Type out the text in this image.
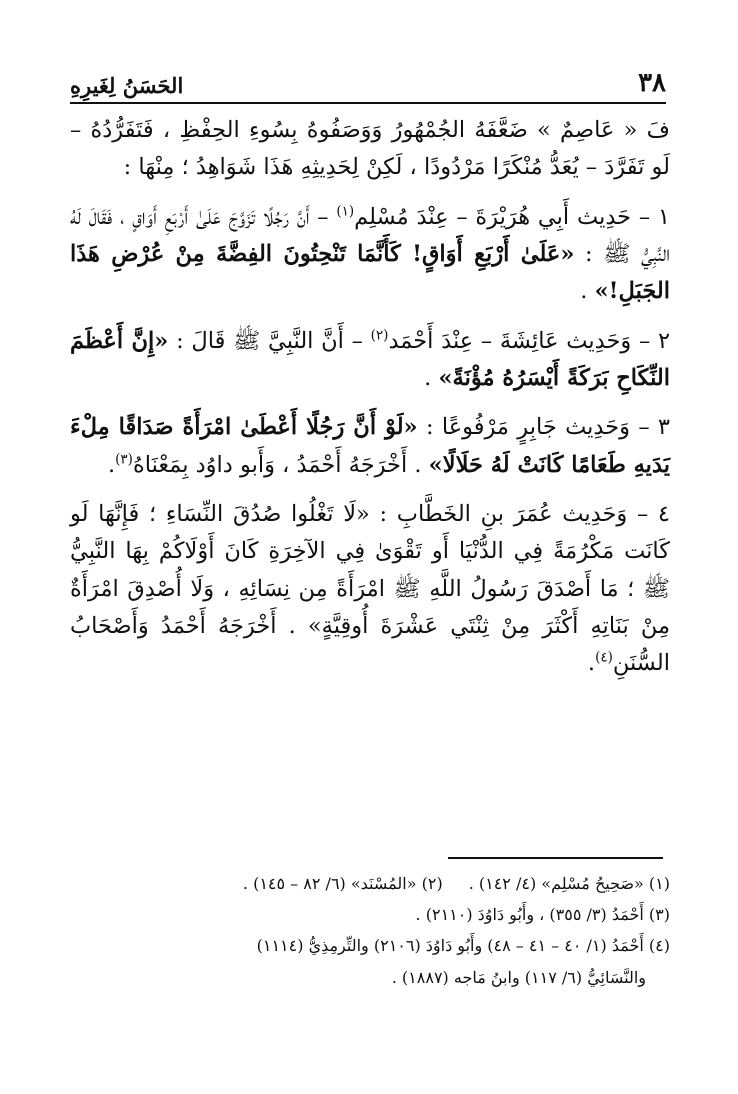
٣٨
الحَسَنُ لِغَيرِهِ

فَ « عَاصِمٌ » ضَعَّفَهُ الجُمْهُورُ وَوَصَفُوهُ بِسُوءِ الحِفْظِ ، فَتَفَرُّدُهُ – لَو تَفَرَّدَ – يُعَدُّ مُنْكَرًا مَرْدُودًا ، لَكِنْ لِحَدِيثِهِ هَذَا شَوَاهِدُ ؛ مِنْهَا :

١ – حَدِيث أَبِي هُرَيْرَةَ – عِنْدَ مُسْلِم$^{(١)}$ – أَنَّ رَجُلًا تَزَوَّجَ عَلَىٰ أَرْبَعِ أَوَاقٍ ، فَقَالَ لَهُ النَّبِيُّ ﷺ : «عَلَىٰ أَرْبَعِ أَوَاقٍ! كَأَنَّمَا تَنْحِتُونَ الفِضَّةَ مِنْ عُرْضِ هَذَا الجَبَلِ!» .

٢ – وَحَدِيث عَائِشَةَ – عِنْدَ أَحْمَد$^{(٢)}$ – أَنَّ النَّبِيَّ ﷺ قَالَ : «إِنَّ أَعْظَمَ النِّكَاحِ بَرَكَةً أَيْسَرُهُ مُؤْنَةً» .

٣ – وَحَدِيث جَابِرٍ مَرْفُوعًا : «لَوْ أَنَّ رَجُلًا أَعْطَىٰ امْرَأَةً صَدَاقًا مِلْءَ يَدَيهِ طَعَامًا كَانَتْ لَهُ حَلَالًا» . أَخْرَجَهُ أَحْمَدُ ، وَأَبو داوُد بِمَعْنَاهُ$^{(٣)}$.

٤ – وَحَدِيث عُمَرَ بنِ الخَطَّابِ : «لَا تَغْلُوا صُدُقَ النِّسَاءِ ؛ فَإِنَّهَا لَو كَانَت مَكْرُمَةً فِي الدُّنْيَا أَو تَقْوَىٰ فِي الآخِرَةِ كَانَ أَوْلَاكُمْ بِهَا النَّبِيُّ ﷺ ؛ مَا أَصْدَقَ رَسُولُ اللَّهِ ﷺ امْرَأَةً مِن نِسَائِهِ ، وَلَا أُصْدِقَ امْرَأَةٌ مِنْ بَنَاتِهِ أَكْثَرَ مِنْ ثِنْتَي عَشْرَةَ أُوقِيَّةٍ» . أَخْرَجَهُ أَحْمَدُ وَأَصْحَابُ السُّنَنِ$^{(٤)}$.

(١) «صَحِيحُ مُسْلِم» (٤/ ١٤٢) .(٢) «المُسْنَد» (٦/ ٨٢ – ١٤٥) .
(٣) أَحْمَدُ (٣/ ٣٥٥) ، وأَبُو دَاوُدَ (٢١١٠) .
(٤) أَحْمَدُ (١/ ٤٠ – ٤١ – ٤٨) وأَبُو دَاوُدَ (٢١٠٦) والتِّرمِذِيُّ (١١١٤)
والنَّسَائِيُّ (٦/ ١١٧) وابنُ مَاجه (١٨٨٧) .
